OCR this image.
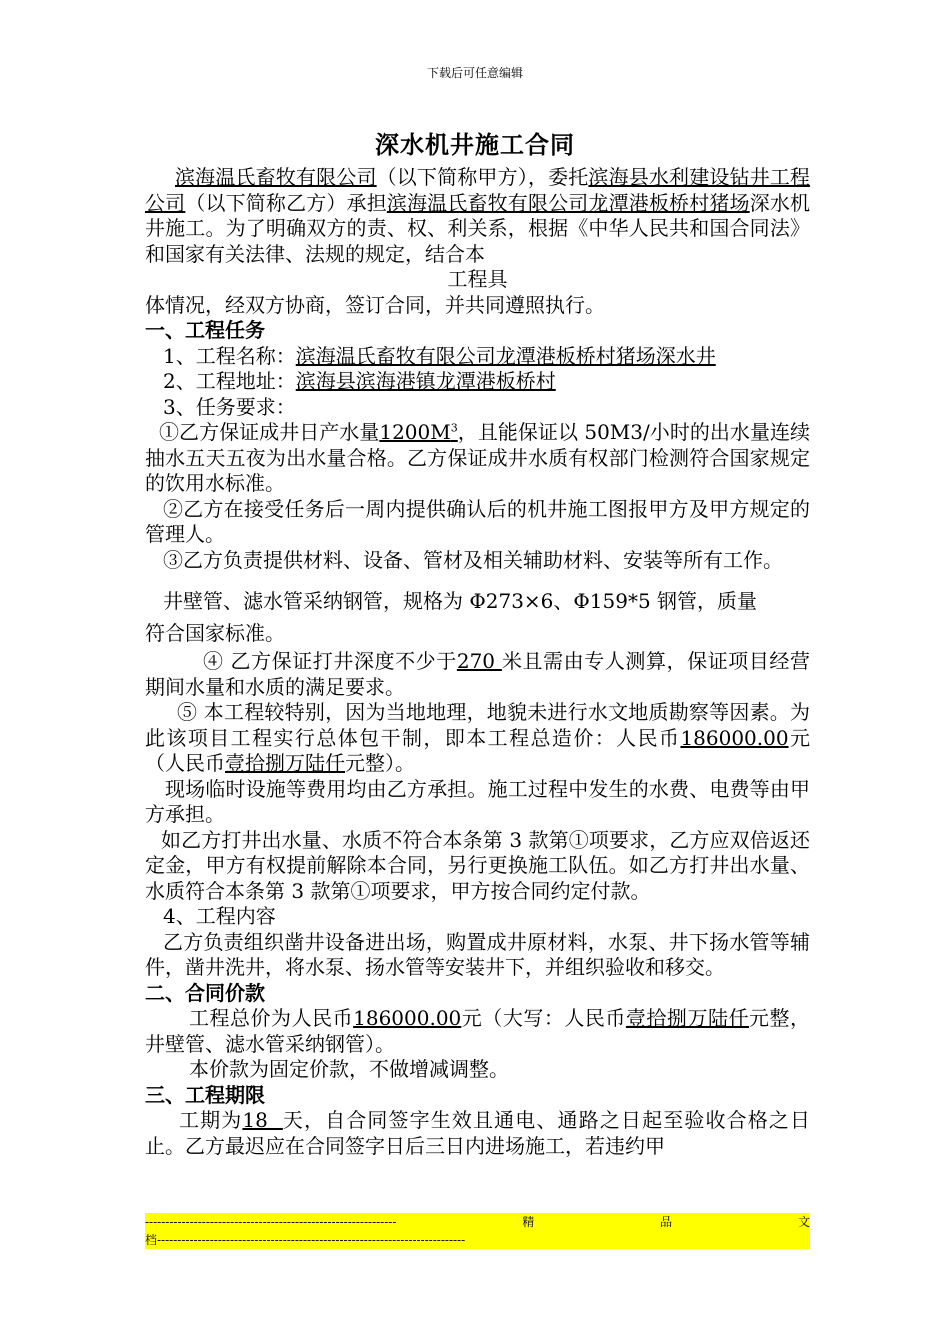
下载后可任意编辑
深水机井施工合同

滨海温氏畜牧有限公司（以下简称甲方），委托滨海县水利建设钻井工程公司（以下简称乙方）承担滨海温氏畜牧有限公司龙潭港板桥村猪场深水机井施工。为了明确双方的责、权、利关系，根据《中华人民共和国合同法》和国家有关法律、法规的规定，结合本

工程具

体情况，经双方协商，签订合同，并共同遵照执行。

一、工程任务

1、工程名称：滨海温氏畜牧有限公司龙潭港板桥村猪场深水井

2、工程地址：滨海县滨海港镇龙潭港板桥村

3、任务要求：

①乙方保证成井日产水量$1200M^3$，且能保证以 50M3/小时的出水量连续抽水五天五夜为出水量合格。乙方保证成井水质有权部门检测符合国家规定的饮用水标准。

②乙方在接受任务后一周内提供确认后的机井施工图报甲方及甲方规定的管理人。

③乙方负责提供材料、设备、管材及相关辅助材料、安装等所有工作。

井壁管、滤水管采纳钢管，规格为 Φ273×6、Φ159*5 钢管，质量

符合国家标准。

④ 乙方保证打井深度不少于270 米且需由专人测算，保证项目经营期间水量和水质的满足要求。

⑤ 本工程较特别，因为当地地理，地貌未进行水文地质勘察等因素。为此该项目工程实行总体包干制，即本工程总造价：人民币186000.00元（人民币壹拾捌万陆仟元整）。

现场临时设施等费用均由乙方承担。施工过程中发生的水费、电费等由甲方承担。

如乙方打井出水量、水质不符合本条第 3 款第①项要求，乙方应双倍返还定金，甲方有权提前解除本合同，另行更换施工队伍。如乙方打井出水量、水质符合本条第 3 款第①项要求，甲方按合同约定付款。

4、工程内容

乙方负责组织凿井设备进出场，购置成井原材料，水泵、井下扬水管等辅件，凿井洗井，将水泵、扬水管等安装井下，并组织验收和移交。

二、合同价款

工程总价为人民币186000.00元（大写：人民币壹拾捌万陆仟元整，井壁管、滤水管采纳钢管）。

本价款为固定价款，不做增减调整。

三、工程期限

工期为18  天，自合同签字生效且通电、通路之日起至验收合格之日止。乙方最迟应在合同签字日后三日内进场施工，若违约甲

--------------------------------------------------------------	精	品	文
档----------------------------------------------------------------------------
